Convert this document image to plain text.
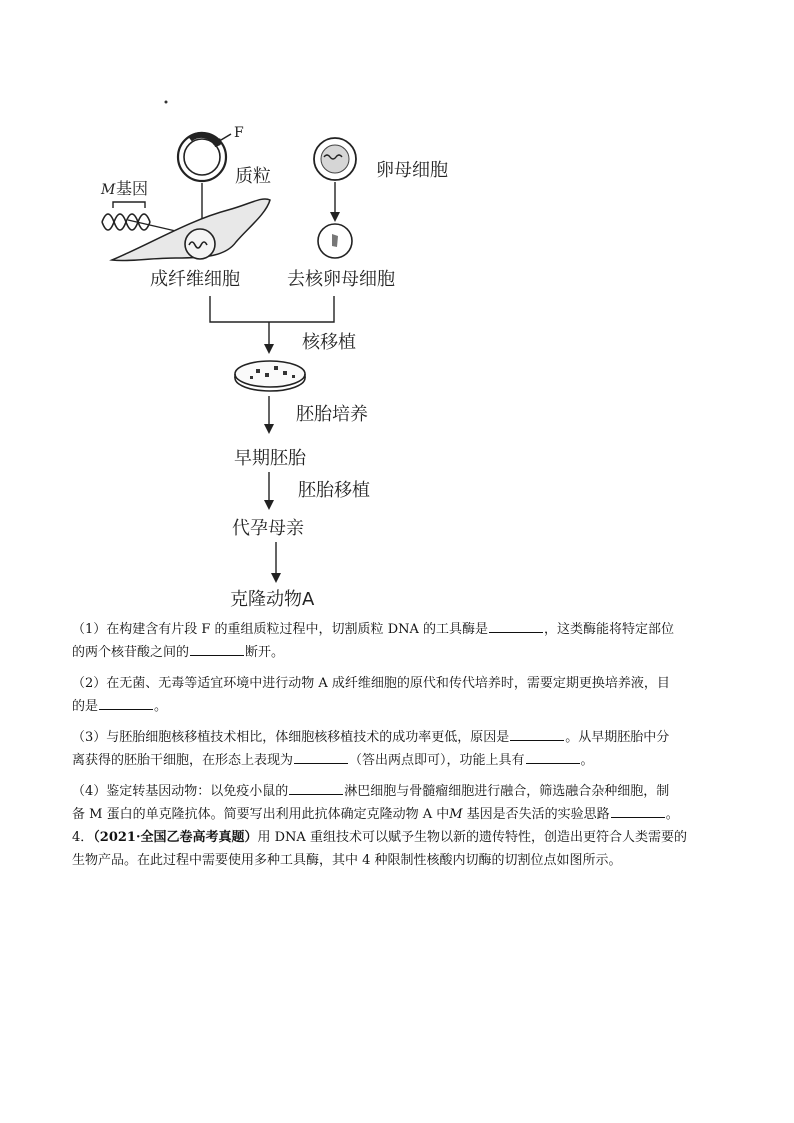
F
质粒
M 基因
成纤维细胞
卵母细胞
去核卵母细胞
核移植
胚胎培养
早期胚胎
胚胎移植
代孕母亲
克隆动物A
（1）在构建含有片段 F 的重组质粒过程中，切割质粒 DNA 的工具酶是	，这类酶能将特定部位
的两个核苷酸之间的	断开。
（2）在无菌、无毒等适宜环境中进行动物 A 成纤维细胞的原代和传代培养时，需要定期更换培养液，目
的是	。
（3）与胚胎细胞核移植技术相比，体细胞核移植技术的成功率更低，原因是	。从早期胚胎中分
离获得的胚胎干细胞，在形态上表现为	（答出两点即可），功能上具有	。
（4）鉴定转基因动物：以免疫小鼠的	淋巴细胞与骨髓瘤细胞进行融合，筛选融合杂种细胞，制
备 M 蛋白的单克隆抗体。简要写出利用此抗体确定克隆动物 A 中M 基因是否失活的实验思路	。
4．（2021·全国乙卷高考真题）用 DNA 重组技术可以赋予生物以新的遗传特性，创造出更符合人类需要的
生物产品。在此过程中需要使用多种工具酶，其中 4 种限制性核酸内切酶的切割位点如图所示。
